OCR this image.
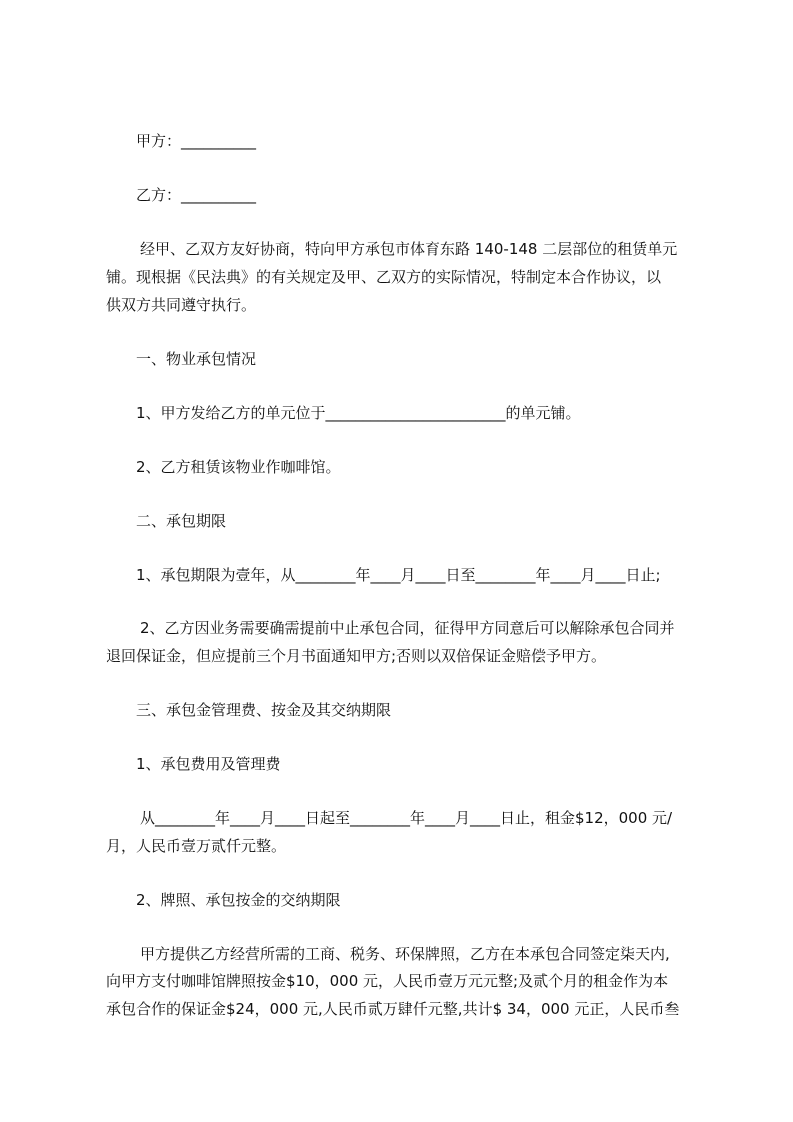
甲方：__________
乙方：__________
经甲、乙双方友好协商，特向甲方承包市体育东路 140-148 二层部位的租赁单元
铺。现根据《民法典》的有关规定及甲、乙双方的实际情况，特制定本合作协议，以
供双方共同遵守执行。
一、物业承包情况
1、甲方发给乙方的单元位于________________________的单元铺。
2、乙方租赁该物业作咖啡馆。
二、承包期限
1、承包期限为壹年，从________年____月____日至________年____月____日止;
2、乙方因业务需要确需提前中止承包合同，征得甲方同意后可以解除承包合同并
退回保证金，但应提前三个月书面通知甲方;否则以双倍保证金赔偿予甲方。
三、承包金管理费、按金及其交纳期限
1、承包费用及管理费
从________年____月____日起至________年____月____日止，租金$12，000 元/
月，人民币壹万贰仟元整。
2、牌照、承包按金的交纳期限
甲方提供乙方经营所需的工商、税务、环保牌照，乙方在本承包合同签定柒天内,
向甲方支付咖啡馆牌照按金$10，000 元，人民币壹万元元整;及贰个月的租金作为本
承包合作的保证金$24，000 元,人民币贰万肆仟元整,共计$ 34，000 元正，人民币叁
